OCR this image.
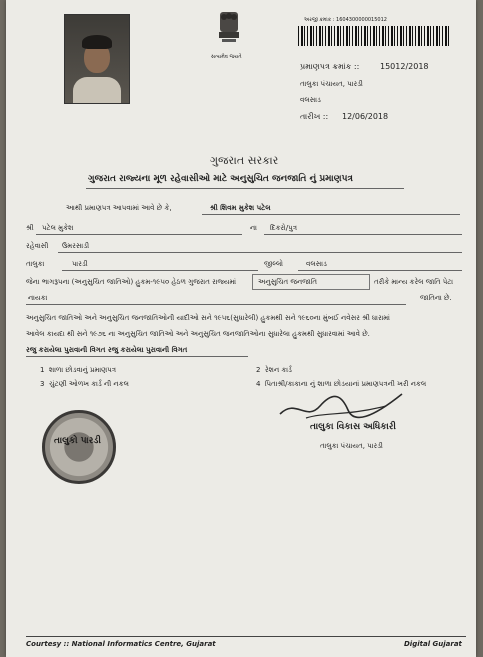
સત્યમેવ જયતે
અરજી ક્રમાંક : 1604300000015012
પ્રમાણપત્ર ક્રમાંક ::	15012/2018
તાલુકા પંચાયત, પારડી
વલસાડ
તારીખ :: 12/06/2018
ગુજરાત સરકાર
ગુજરાત રાજ્યના મૂળ રહેવાસીઓ માટે અનુસુચિત જનજાતિ નું પ્રમાણપત્ર
આથી પ્રમાણપત્ર આપવામાં આવે છે કે,	શ્રી શિવમ મુકેશ પટેલ
શ્રી પટેલ મુકેશ	ના દિકરો/પુત્ર
રહેવાસી ઉમરસાડી
તાલુકા	પારડી	જીલ્લો	વલસાડ
જેના ભાગરૂપના (અનુસુચિત જાતિઓ) હુકમ-૧૯૫૦ હેઠળ ગુજરાત રાજ્યમાં	અનુસુચિત જનજાતિ	તરીકે માન્ય કરેલ જાતિ પેટા
નાયકા	જાતિના છે.
અનુસુચિત જાતિઓ અને અનુસુચિત જનજાતિઓની યાદીઓ સને ૧૯૫૬(સુધારેલી) હુકમથી સને ૧૯૬૦ના મુંબઈ નવેસર શ્રી ધારામાં
આવેલ કાયદા થી સને ૧૯૭૬ ના અનુસુચિત જાતિઓ અને અનુસુચિત જનજાતિઓના સુધારેલા હુકમથી સુધારવામાં આવે છે.
રજુ કરાયેલા પુરાવાની વિગત રજુ કરાયેલા પુરાવાની વિગત
1 શાળા છોડવાનું પ્રમાણપત્ર	2 રેશન કાર્ડ
3 ચુંટણી ઓળખ કાર્ડ ની નકલ	4 પિતાશ્રી/કાકાના નું શાળા છોડયાનાં પ્રમાણપત્રની ખરી નકલ
તાલુકો પારડી
તાલુકા વિકાસ અધિકારી
તાલુકા પંચાયત, પારડી
Courtesy :: National Informatics Centre, Gujarat	Digital Gujarat
